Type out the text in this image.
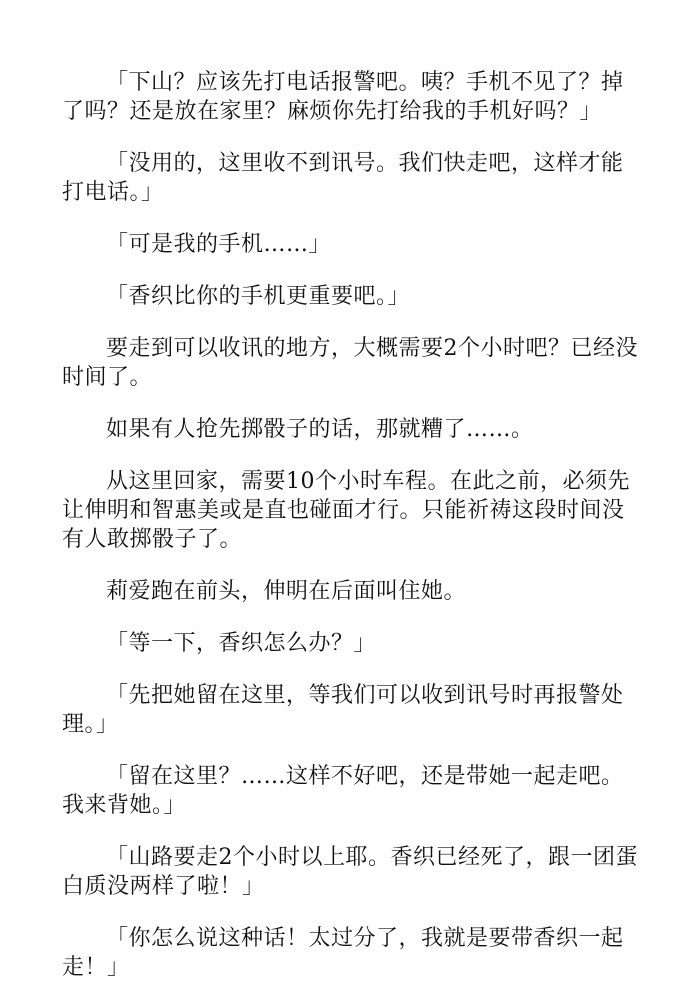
「下山？应该先打电话报警吧。咦？手机不见了？掉了吗？还是放在家里？麻烦你先打给我的手机好吗？」

「没用的，这里收不到讯号。我们快走吧，这样才能打电话。」

「可是我的手机……」

「香织比你的手机更重要吧。」

要走到可以收讯的地方，大概需要2个小时吧？已经没时间了。

如果有人抢先掷骰子的话，那就糟了……。

从这里回家，需要10个小时车程。在此之前，必须先让伸明和智惠美或是直也碰面才行。只能祈祷这段时间没有人敢掷骰子了。

莉爱跑在前头，伸明在后面叫住她。

「等一下，香织怎么办？」

「先把她留在这里，等我们可以收到讯号时再报警处理。」

「留在这里？……这样不好吧，还是带她一起走吧。我来背她。」

「山路要走2个小时以上耶。香织已经死了，跟一团蛋白质没两样了啦！」

「你怎么说这种话！太过分了，我就是要带香织一起走！」
